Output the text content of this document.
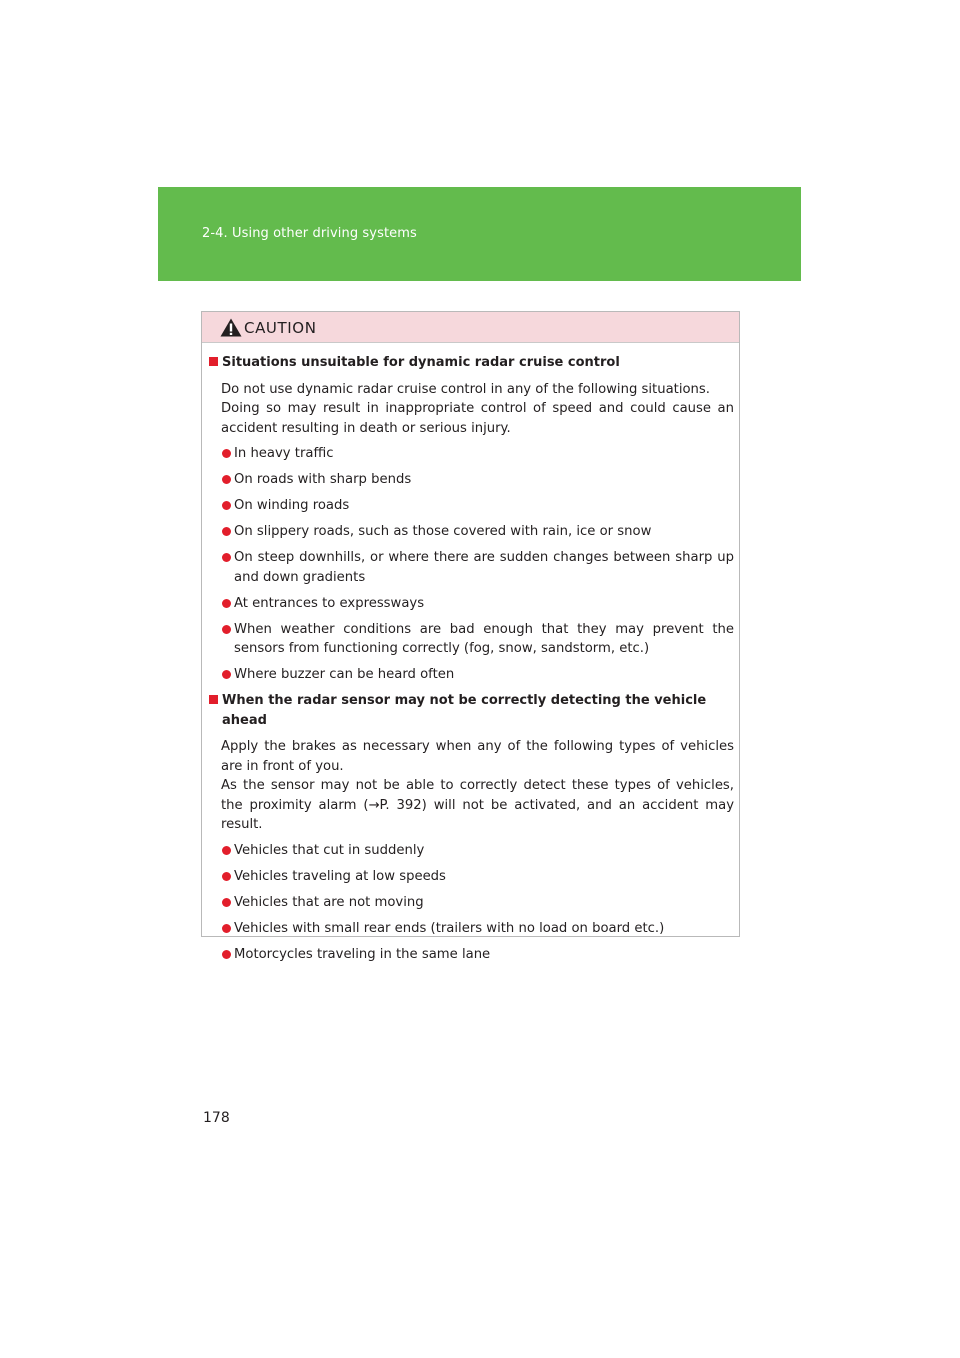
2-4. Using other driving systems
CAUTION
Situations unsuitable for dynamic radar cruise control
Do not use dynamic radar cruise control in any of the following situations.
Doing so may result in inappropriate control of speed and could cause an accident resulting in death or serious injury.
In heavy traffic
On roads with sharp bends
On winding roads
On slippery roads, such as those covered with rain, ice or snow
On steep downhills, or where there are sudden changes between sharp up and down gradients
At entrances to expressways
When weather conditions are bad enough that they may prevent the sensors from functioning correctly (fog, snow, sandstorm, etc.)
Where buzzer can be heard often
When the radar sensor may not be correctly detecting the vehicle ahead
Apply the brakes as necessary when any of the following types of vehicles are in front of you.
As the sensor may not be able to correctly detect these types of vehicles, the proximity alarm (→P. 392) will not be activated, and an accident may result.
Vehicles that cut in suddenly
Vehicles traveling at low speeds
Vehicles that are not moving
Vehicles with small rear ends (trailers with no load on board etc.)
Motorcycles traveling in the same lane
178
